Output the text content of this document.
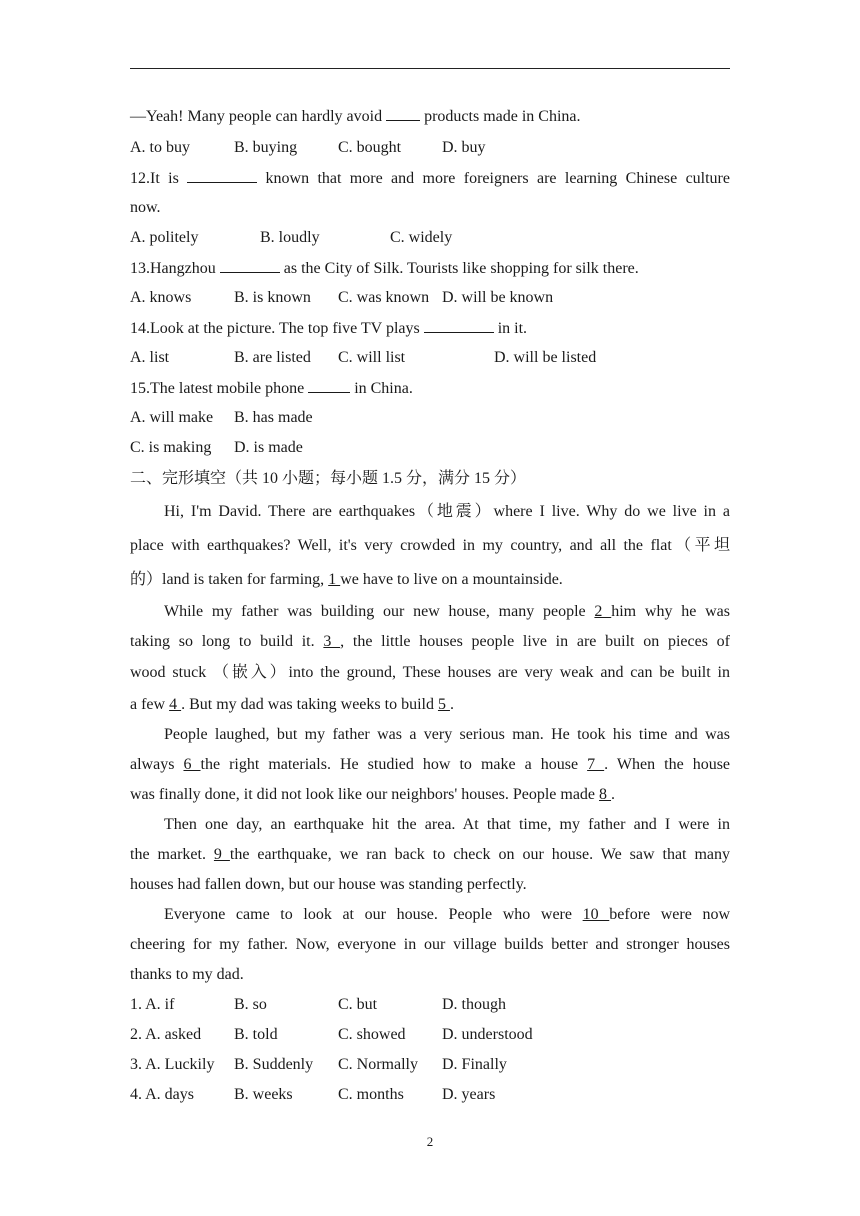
—Yeah! Many people can hardly avoid  products made in China.
A. to buy	B. buying	C. bought	D. buy
12.It is	known that more and more foreigners are learning Chinese culture
now.
A. politely	B. loudly	C. widely
13.Hangzhou	as the City of Silk. Tourists like shopping for silk there.
A. knows	B. is known C. was known D. will be known
14.Look at the picture. The top five TV plays	in it.
A. list	B. are listed C. will list	D. will be listed
15.The latest mobile phone	in China.
A. will make B. has made
C. is making D. is made
二、完形填空（共 10 小题；每小题 1.5 分，满分 15 分）
Hi, I'm David. There are earthquakes（地震）where I live. Why do we live in a
place with earthquakes? Well, it's very crowded in my country, and all the flat（平坦
的）land is taken for farming, 1 we have to live on a mountainside.
While my father was building our new house, many people 2 him why he was
taking so long to build it. 3 , the little houses people live in are built on pieces of
wood stuck （嵌入）into the ground, These houses are very weak and can be built in
a few 4 . But my dad was taking weeks to build 5 .
People laughed, but my father was a very serious man. He took his time and was
always 6 the right materials. He studied how to make a house 7 . When the house
was finally done, it did not look like our neighbors' houses. People made 8 .
Then one day, an earthquake hit the area. At that time, my father and I were in
the market. 9 the earthquake, we ran back to check on our house. We saw that many
houses had fallen down, but our house was standing perfectly.
Everyone came to look at our house. People who were 10 before were now
cheering for my father. Now, everyone in our village builds better and stronger houses
thanks to my dad.
1. A. if	B. so	C. but	D. though
2. A. asked B. told	C. showed D. understood
3. A. Luckily B. Suddenly C. Normally D. Finally
4. A. days	B. weeks	C. months D. years
2
